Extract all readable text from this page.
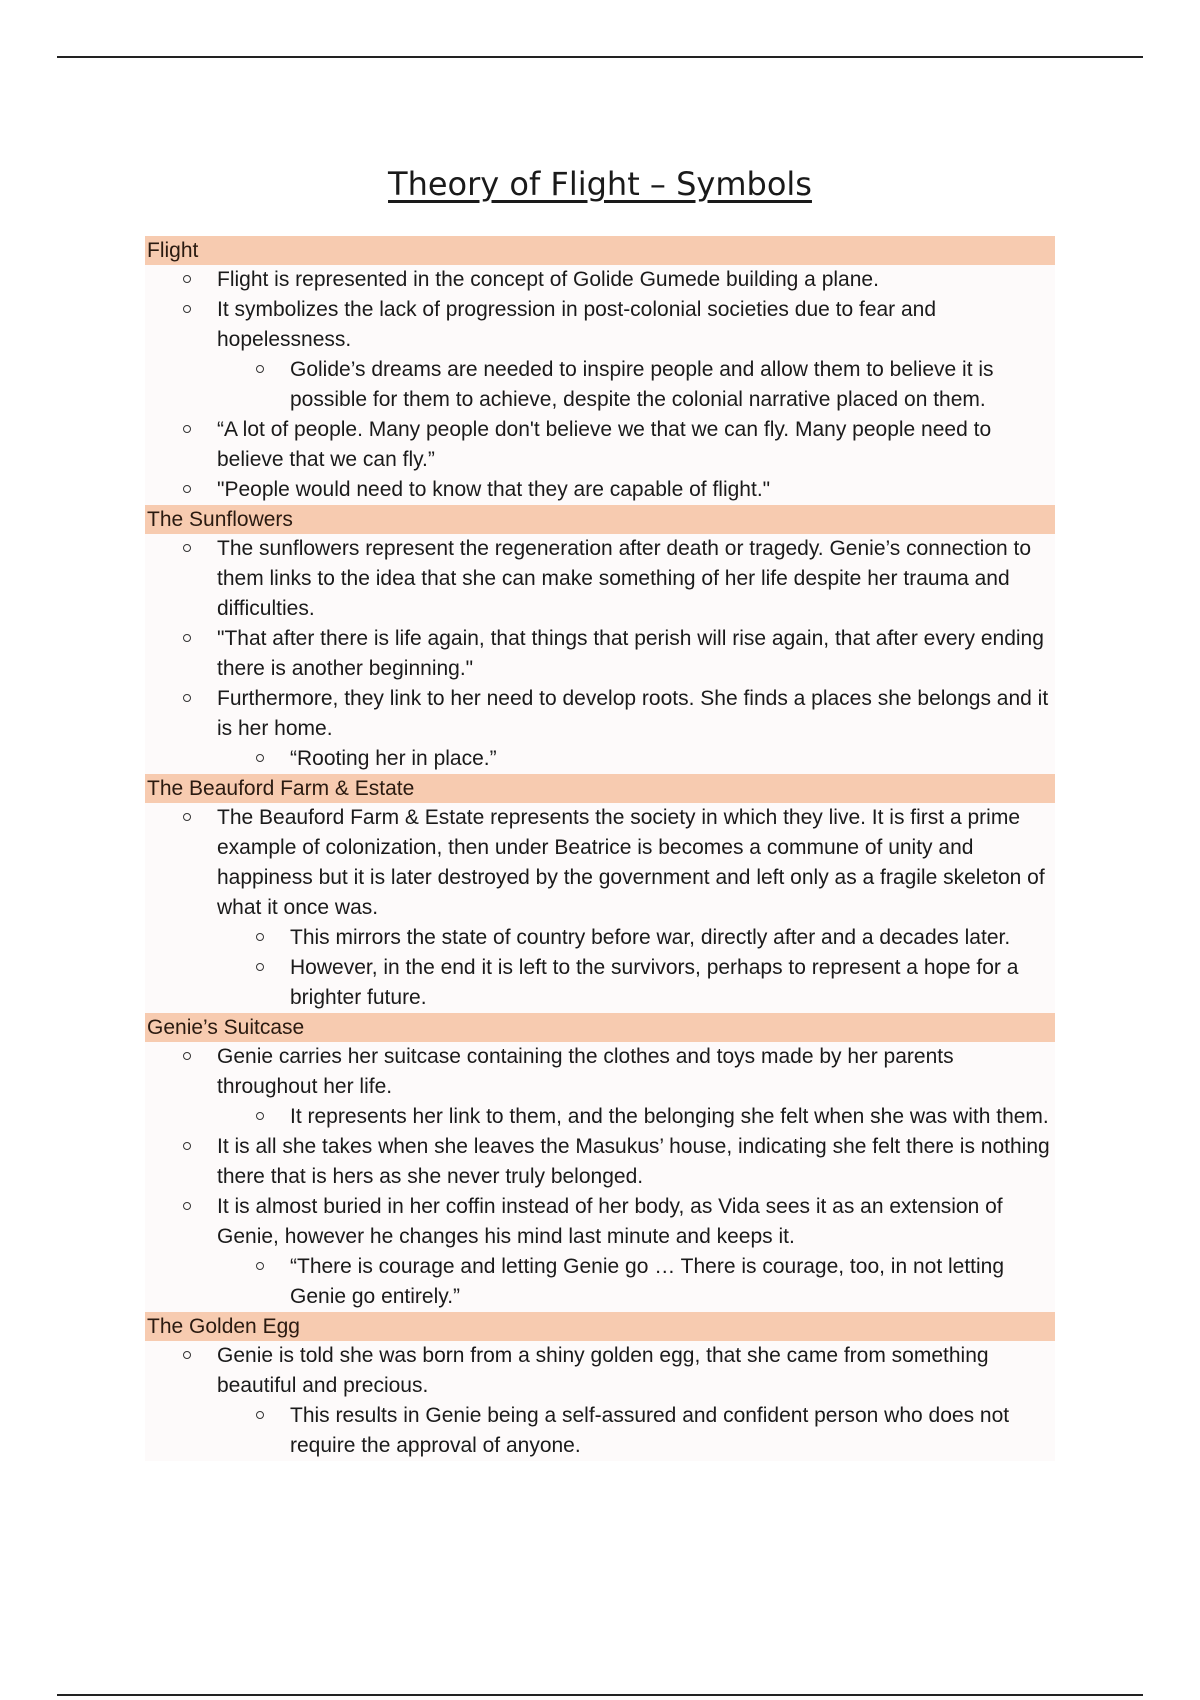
Theory of Flight – Symbols
Flight
Flight is represented in the concept of Golide Gumede building a plane.
It symbolizes the lack of progression in post-colonial societies due to fear and hopelessness.
Golide’s dreams are needed to inspire people and allow them to believe it is possible for them to achieve, despite the colonial narrative placed on them.
“A lot of people. Many people don't believe we that we can fly. Many people need to believe that we can fly.”
"People would need to know that they are capable of flight."
The Sunflowers
The sunflowers represent the regeneration after death or tragedy. Genie’s connection to them links to the idea that she can make something of her life despite her trauma and difficulties.
"That after there is life again, that things that perish will rise again, that after every ending there is another beginning."
Furthermore, they link to her need to develop roots. She finds a places she belongs and it is her home.
“Rooting her in place.”
The Beauford Farm & Estate
The Beauford Farm & Estate represents the society in which they live. It is first a prime example of colonization, then under Beatrice is becomes a commune of unity and happiness but it is later destroyed by the government and left only as a fragile skeleton of what it once was.
This mirrors the state of country before war, directly after and a decades later.
However, in the end it is left to the survivors, perhaps to represent a hope for a brighter future.
Genie’s Suitcase
Genie carries her suitcase containing the clothes and toys made by her parents throughout her life.
It represents her link to them, and the belonging she felt when she was with them.
It is all she takes when she leaves the Masukus’ house, indicating she felt there is nothing there that is hers as she never truly belonged.
It is almost buried in her coffin instead of her body, as Vida sees it as an extension of Genie, however he changes his mind last minute and keeps it.
“There is courage and letting Genie go … There is courage, too, in not letting Genie go entirely.”
The Golden Egg
Genie is told she was born from a shiny golden egg, that she came from something beautiful and precious.
This results in Genie being a self-assured and confident person who does not require the approval of anyone.
